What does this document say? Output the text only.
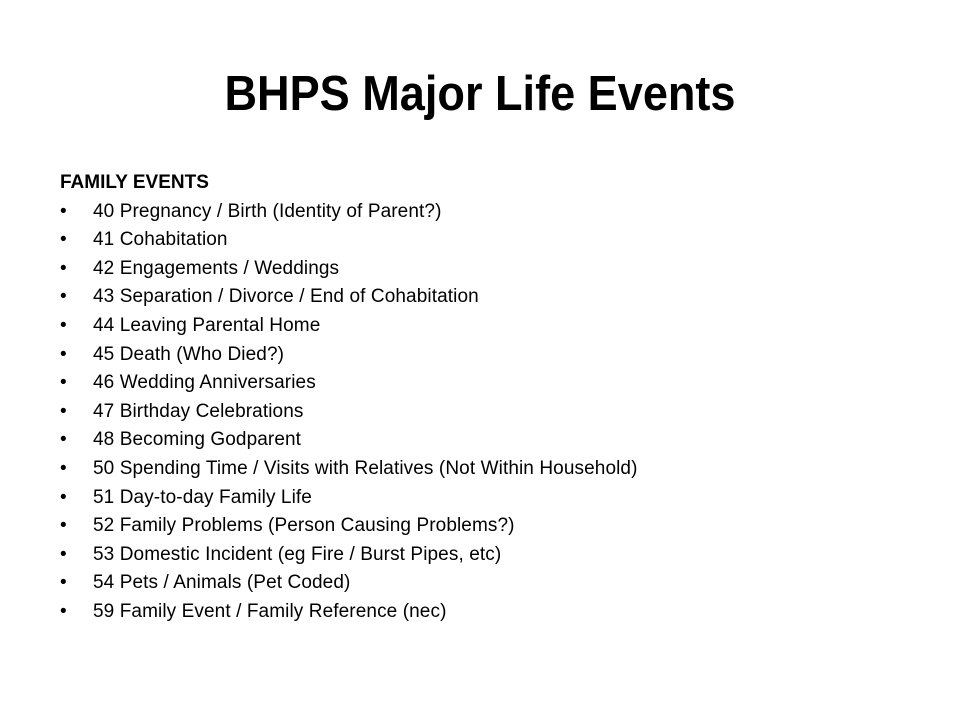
BHPS Major Life Events

FAMILY EVENTS

•	40 Pregnancy / Birth (Identity of Parent?)
•	41 Cohabitation
•	42 Engagements / Weddings
•	43 Separation / Divorce / End of Cohabitation
•	44 Leaving Parental Home
•	45 Death (Who Died?)
•	46 Wedding Anniversaries
•	47 Birthday Celebrations
•	48 Becoming Godparent
•	50 Spending Time / Visits with Relatives (Not Within Household)
•	51 Day-to-day Family Life
•	52 Family Problems (Person Causing Problems?)
•	53 Domestic Incident (eg Fire / Burst Pipes, etc)
•	54 Pets / Animals (Pet Coded)
•	59 Family Event / Family Reference (nec)
